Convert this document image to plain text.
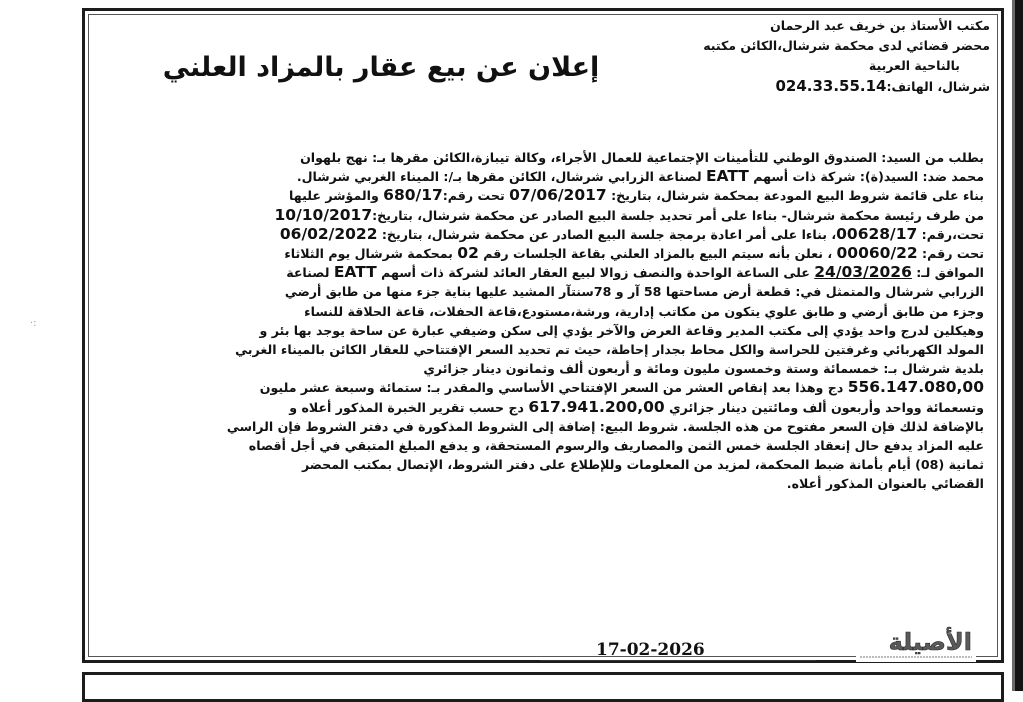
·:
مكتب الأستاذ بن خريف عبد الرحمان
محضر قضائي لدى محكمة شرشال،الكائن مكتبه
بالناحية العربية
شرشال، الهاتف:024.33.55.14
إعلان عن بيع عقار بالمزاد العلني
بطلب من السيد: الصندوق الوطني للتأمينات الإجتماعية للعمال الأجراء، وكالة تيبازة،الكائن مقرها بـ: نهج بلهوان
محمد ضد: السيد(ة): شركة ذات أسهم EATT لصناعة الزرابي شرشال، الكائن مقرها بـ/: الميناء الغربي شرشال.
بناء على قائمة شروط البيع المودعة بمحكمة شرشال، بتاريخ: 07/06/2017 تحت رقم:680/17 والمؤشر عليها
من طرف رئيسة محكمة شرشال- بناءا على أمر تحديد جلسة البيع الصادر عن محكمة شرشال، بتاريخ:10/10/2017
تحت،رقم: 00628/17، بناءا على أمر اعادة برمجة جلسة البيع الصادر عن محكمة شرشال، بتاريخ: 06/02/2022
تحت رقم: 00060/22 ، نعلن بأنه سيتم البيع بالمزاد العلني بقاعة الجلسات رقم 02 بمحكمة شرشال يوم الثلاثاء
الموافق لـ: 24/03/2026 على الساعة الواحدة والنصف زوالا لبيع العقار العائد لشركة ذات أسهم EATT لصناعة
الزرابي شرشال والمتمثل في: قطعة أرض مساحتها 58 آر و 78سنتآر المشيد عليها بناية جزء منها من طابق أرضي
وجزء من طابق أرضي و طابق علوي يتكون من مكاتب إدارية، ورشة،مستودع،قاعة الحفلات، قاعة الحلاقة للنساء
وهيكلين لدرج واحد يؤدي إلى مكتب المدير وقاعة العرض والآخر يؤدي إلى سكن وضيفي عبارة عن ساحة يوجد بها بئر و
المولد الكهربائي وغرفتين للحراسة والكل محاط بجدار إحاطة، حيث تم تحديد السعر الإفتتاحي للعقار الكائن بالميناء الغربي
بلدية شرشال بـ: خمسمائة وستة وخمسون مليون ومائة و أربعون ألف وثمانون دينار جزائري
556.147.080,00 دج وهذا بعد إنقاص العشر من السعر الإفتتاحي الأساسي والمقدر بـ: ستمائة وسبعة عشر مليون
وتسعمائة وواحد وأربعون ألف ومائتين دينار جزائري 617.941.200,00 دج حسب تقرير الخبرة المذكور أعلاه و
بالإضافة لذلك فإن السعر مفتوح من هذه الجلسة. شروط البيع: إضافة إلى الشروط المذكورة في دفتر الشروط فإن الراسي
عليه المزاد يدفع حال إنعقاد الجلسة خمس الثمن والمصاريف والرسوم المستحقة، و يدفع المبلغ المتبقي في أجل أقصاه
ثمانية (08) أيام بأمانة ضبط المحكمة، لمزيد من المعلومات وللإطلاع على دفتر الشروط، الإتصال بمكتب المحضر
القضائي بالعنوان المذكور أعلاه.
17-02-2026	الأصيلة
